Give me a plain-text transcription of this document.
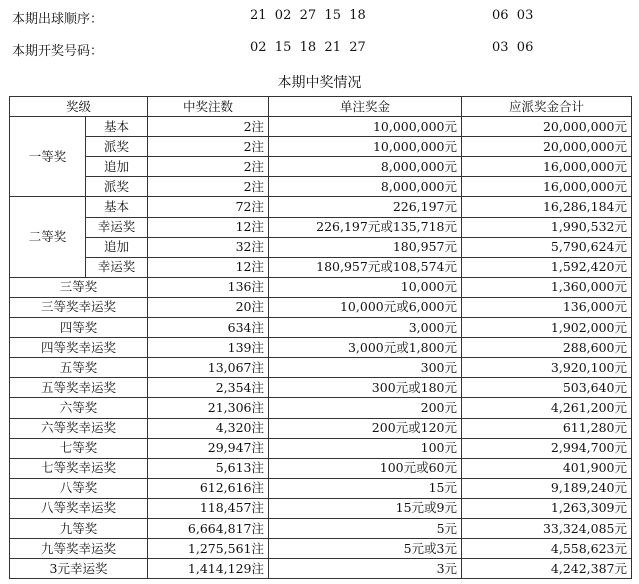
本期出球顺序：	21  02  27  15  18	06  03
本期开奖号码：	02  15  18  21  27	03  06
本期中奖情况
奖级		中奖注数	单注奖金	应派奖金合计
一等奖	基本	2注	10,000,000元	20,000,000元
	派奖	2注	10,000,000元	20,000,000元
	追加	2注	8,000,000元	16,000,000元
	派奖	2注	8,000,000元	16,000,000元
二等奖	基本	72注	226,197元	16,286,184元
	幸运奖	12注	226,197元或135,718元	1,990,532元
	追加	32注	180,957元	5,790,624元
	幸运奖	12注	180,957元或108,574元	1,592,420元
三等奖		136注	10,000元	1,360,000元
三等奖幸运奖		20注	10,000元或6,000元	136,000元
四等奖		634注	3,000元	1,902,000元
四等奖幸运奖		139注	3,000元或1,800元	288,600元
五等奖		13,067注	300元	3,920,100元
五等奖幸运奖		2,354注	300元或180元	503,640元
六等奖		21,306注	200元	4,261,200元
六等奖幸运奖		4,320注	200元或120元	611,280元
七等奖		29,947注	100元	2,994,700元
七等奖幸运奖		5,613注	100元或60元	401,900元
八等奖		612,616注	15元	9,189,240元
八等奖幸运奖		118,457注	15元或9元	1,263,309元
九等奖		6,664,817注	5元	33,324,085元
九等奖幸运奖		1,275,561注	5元或3元	4,558,623元
3元幸运奖		1,414,129注	3元	4,242,387元
